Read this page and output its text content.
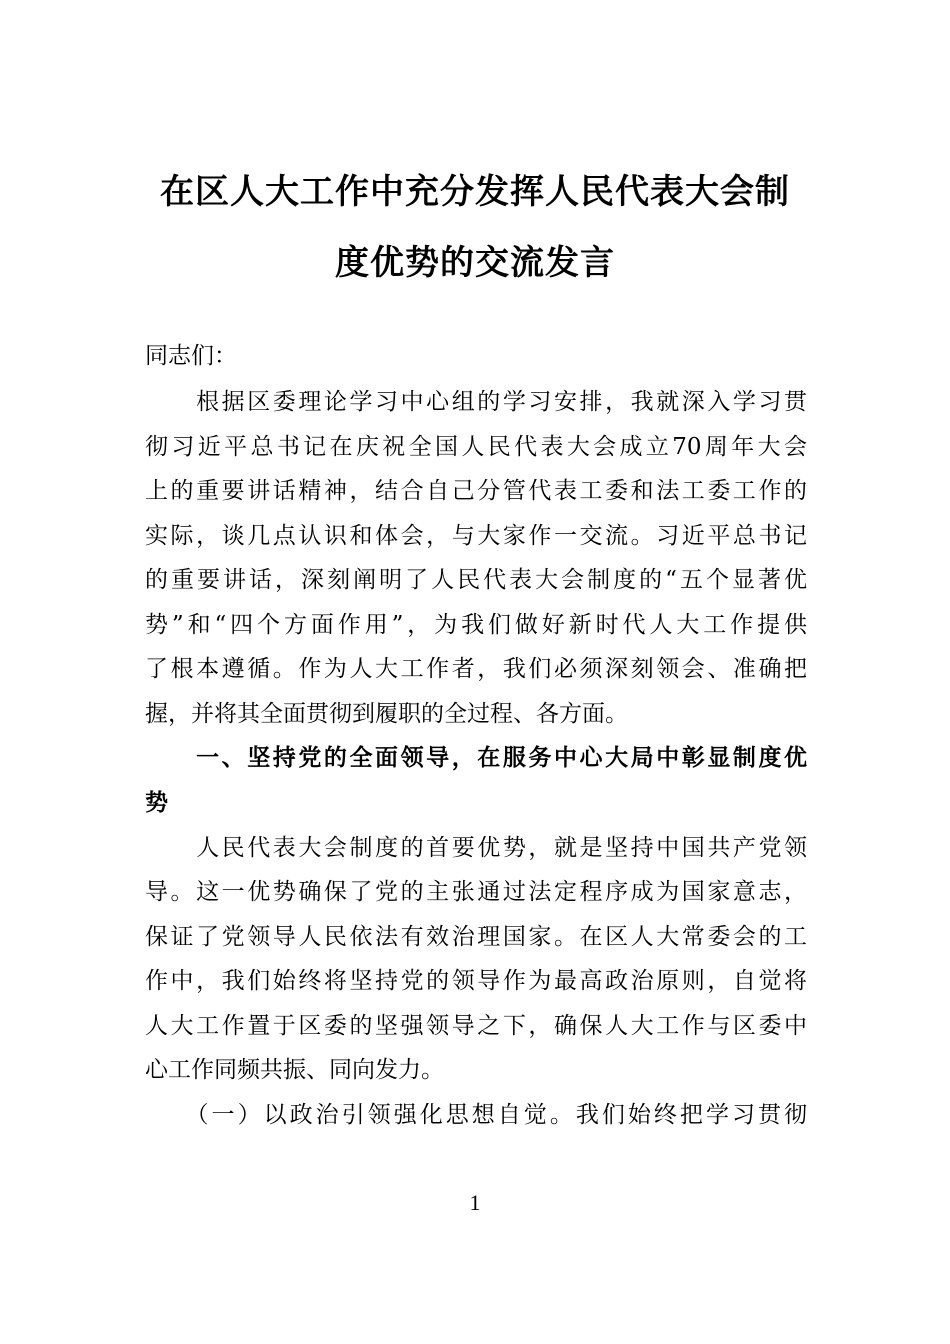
在区人大工作中充分发挥人民代表大会制
度优势的交流发言
同志们：
　　根据区委理论学习中心组的学习安排，我就深入学习贯
彻习近平总书记在庆祝全国人民代表大会成立70周年大会
上的重要讲话精神，结合自己分管代表工委和法工委工作的
实际，谈几点认识和体会，与大家作一交流。习近平总书记
的重要讲话，深刻阐明了人民代表大会制度的“五个显著优
势”和“四个方面作用”，为我们做好新时代人大工作提供
了根本遵循。作为人大工作者，我们必须深刻领会、准确把
握，并将其全面贯彻到履职的全过程、各方面。
　　一、坚持党的全面领导，在服务中心大局中彰显制度优
势
　　人民代表大会制度的首要优势，就是坚持中国共产党领
导。这一优势确保了党的主张通过法定程序成为国家意志，
保证了党领导人民依法有效治理国家。在区人大常委会的工
作中，我们始终将坚持党的领导作为最高政治原则，自觉将
人大工作置于区委的坚强领导之下，确保人大工作与区委中
心工作同频共振、同向发力。
　　（一）以政治引领强化思想自觉。我们始终把学习贯彻
1
